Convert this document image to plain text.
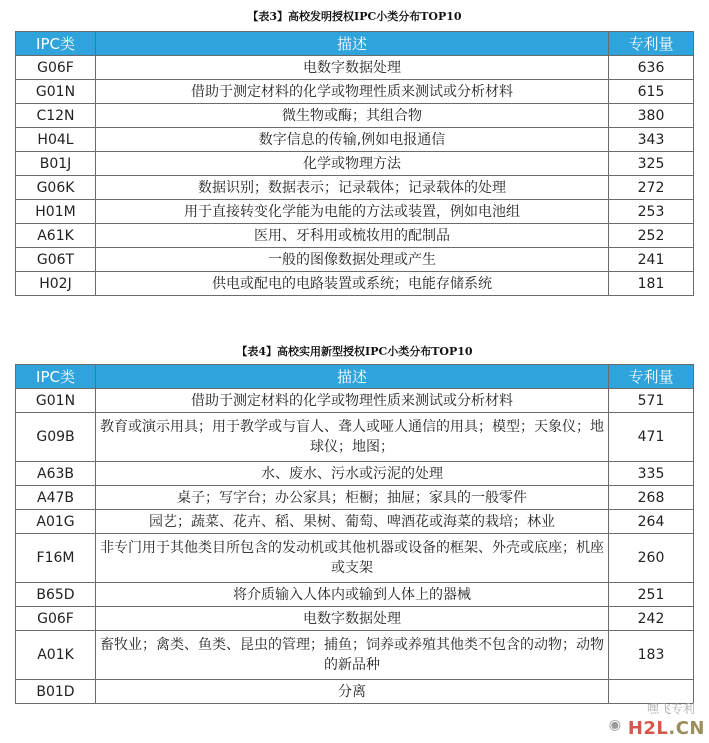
【表3】高校发明授权IPC小类分布TOP10
IPC类	描述	专利量
G06F	电数字数据处理	636
G01N	借助于测定材料的化学或物理性质来测试或分析材料	615
C12N	微生物或酶；其组合物	380
H04L	数字信息的传输,例如电报通信	343
B01J	化学或物理方法	325
G06K	数据识别；数据表示；记录载体；记录载体的处理	272
H01M	用于直接转变化学能为电能的方法或装置，例如电池组	253
A61K	医用、牙科用或梳妆用的配制品	252
G06T	一般的图像数据处理或产生	241
H02J	供电或配电的电路装置或系统；电能存储系统	181
【表4】高校实用新型授权IPC小类分布TOP10
IPC类	描述	专利量
G01N	借助于测定材料的化学或物理性质来测试或分析材料	571
G09B	教育或演示用具；用于教学或与盲人、聋人或哑人通信的用具；模型；天象仪；地球仪；地图；	471
A63B	水、废水、污水或污泥的处理	335
A47B	桌子；写字台；办公家具；柜橱；抽屉；家具的一般零件	268
A01G	园艺；蔬菜、花卉、稻、果树、葡萄、啤酒花或海菜的栽培；林业	264
F16M	非专门用于其他类目所包含的发动机或其他机器或设备的框架、外壳或底座；机座或支架	260
B65D	将介质输入人体内或输到人体上的器械	251
G06F	电数字数据处理	242
A01K	畜牧业；禽类、鱼类、昆虫的管理；捕鱼；饲养或养殖其他类不包含的动物；动物的新品种	183
B01D	分离	
嘿飞专利
◉ H2L.CN
